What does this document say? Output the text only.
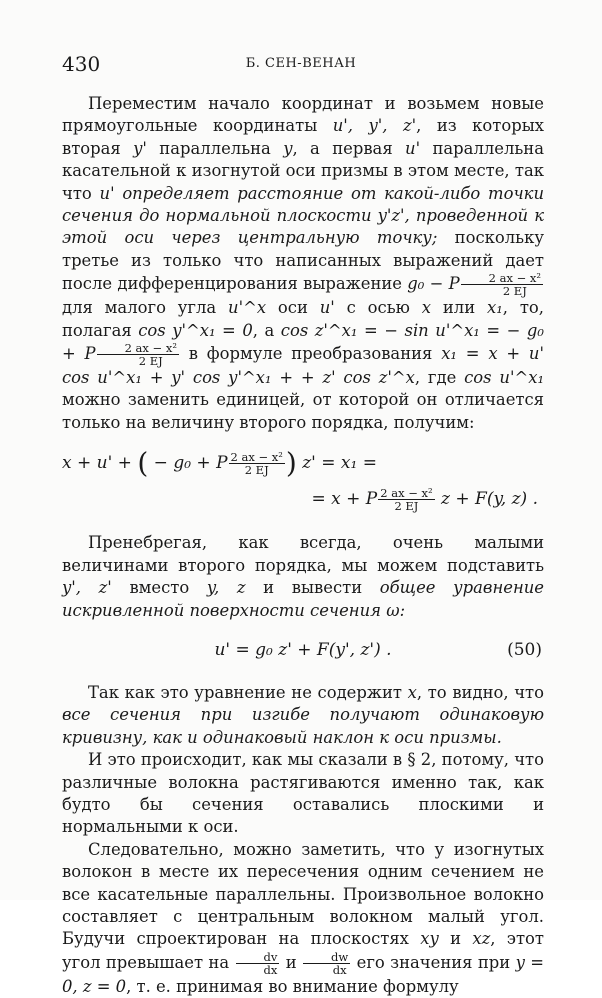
430	Б. СЕН-ВЕНАН

Переместим начало координат и возьмем новые прямоугольные координаты u', y', z', из которых вторая y' параллельна y, а первая u' параллельна касательной к изогнутой оси призмы в этом месте, так что u' определяет расстояние от какой-либо точки сечения до нормальной плоскости y'z', проведенной к этой оси через центральную точку; поскольку третье из только что написанных выражений дает после дифференцирования выражение g₀ − P $\frac{\text{2 ax − x²}}{2 EJ}$
для малого угла u'^x оси u' с осью x или x₁, то, полагая cos y'^x₁ = 0, а cos z'^x₁ = − sin u'^x₁ = − g₀ + P $\frac{\text{2 ax − x²}}{2 EJ}$ в формуле преобразования x₁ = x + u' cos u'^x₁ + y' cos y'^x₁ + + z' cos z'^x, где cos u'^x₁ можно заменить единицей, от которой он отличается только на величину второго порядка, получим:

x + u' + ( − g₀ + P $\frac{\text{2 ax − x²}}{2 EJ}$ ) z' = x₁ =
= x + P $\frac{\text{2 ax − x²}}{2 EJ}$ z + F(y, z) .

Пренебрегая, как всегда, очень малыми величинами второго порядка, мы можем подставить y', z' вместо y, z и вывести общее уравнение искривленной поверхности сечения ω:

u' = g₀ z' + F(y', z') .	(50)

Так как это уравнение не содержит x, то видно, что все сечения при изгибе получают одинаковую кривизну, как и одинаковый наклон к оси призмы.

И это происходит, как мы сказали в § 2, потому, что различные волокна растягиваются именно так, как будто бы сечения оставались плоскими и нормальными к оси.

Следовательно, можно заметить, что у изогнутых волокон в месте их пересечения одним сечением не все касательные параллельны. Произвольное волокно составляет с центральным волокном малый угол. Будучи спроектирован на плоскостях xy и xz, этот угол превышает на $\frac{dv}{dx}$ и $\frac{dw}{dx}$ его значения при y = 0, z = 0, т. е. принимая во внимание формулу
